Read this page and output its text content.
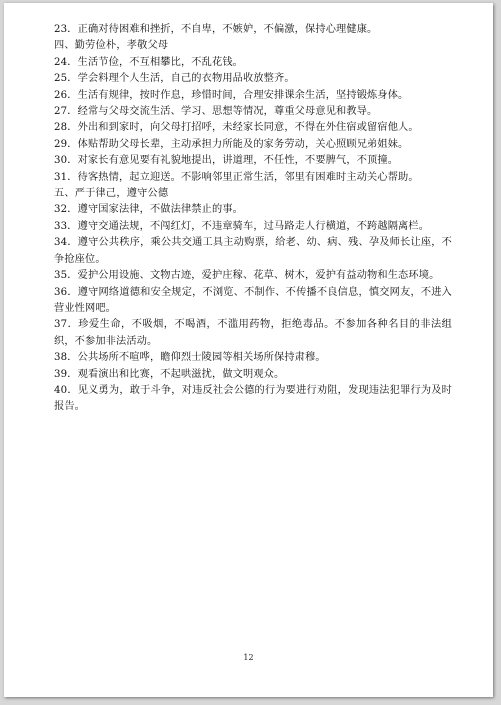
23．正确对待困难和挫折，不自卑，不嫉妒，不偏激，保持心理健康。

四、勤劳俭朴，孝敬父母

24．生活节俭，不互相攀比，不乱花钱。

25．学会料理个人生活，自己的衣物用品收放整齐。

26．生活有规律，按时作息，珍惜时间，合理安排课余生活，坚持锻炼身体。

27．经常与父母交流生活、学习、思想等情况，尊重父母意见和教导。

28．外出和到家时，向父母打招呼，未经家长同意，不得在外住宿或留宿他人。

29．体贴帮助父母长辈，主动承担力所能及的家务劳动，关心照顾兄弟姐妹。

30．对家长有意见要有礼貌地提出，讲道理，不任性，不要脾气，不顶撞。

31．待客热情，起立迎送。不影响邻里正常生活，邻里有困难时主动关心帮助。

五、严于律己，遵守公德

32．遵守国家法律，不做法律禁止的事。

33．遵守交通法规，不闯红灯，不违章骑车，过马路走人行横道，不跨越隔离栏。

34．遵守公共秩序，乘公共交通工具主动购票，给老、幼、病、残、孕及师长让座，不争抢座位。

35．爱护公用设施、文物古迹，爱护庄稼、花草、树木，爱护有益动物和生态环境。

36．遵守网络道德和安全规定，不浏览、不制作、不传播不良信息，慎交网友，不进入营业性网吧。

37．珍爱生命，不吸烟，不喝酒，不滥用药物，拒绝毒品。不参加各种名目的非法组织，不参加非法活动。

38．公共场所不喧哗，瞻仰烈士陵园等相关场所保持肃穆。

39．观看演出和比赛，不起哄滋扰，做文明观众。

40．见义勇为，敢于斗争，对违反社会公德的行为要进行劝阻，发现违法犯罪行为及时报告。

12
